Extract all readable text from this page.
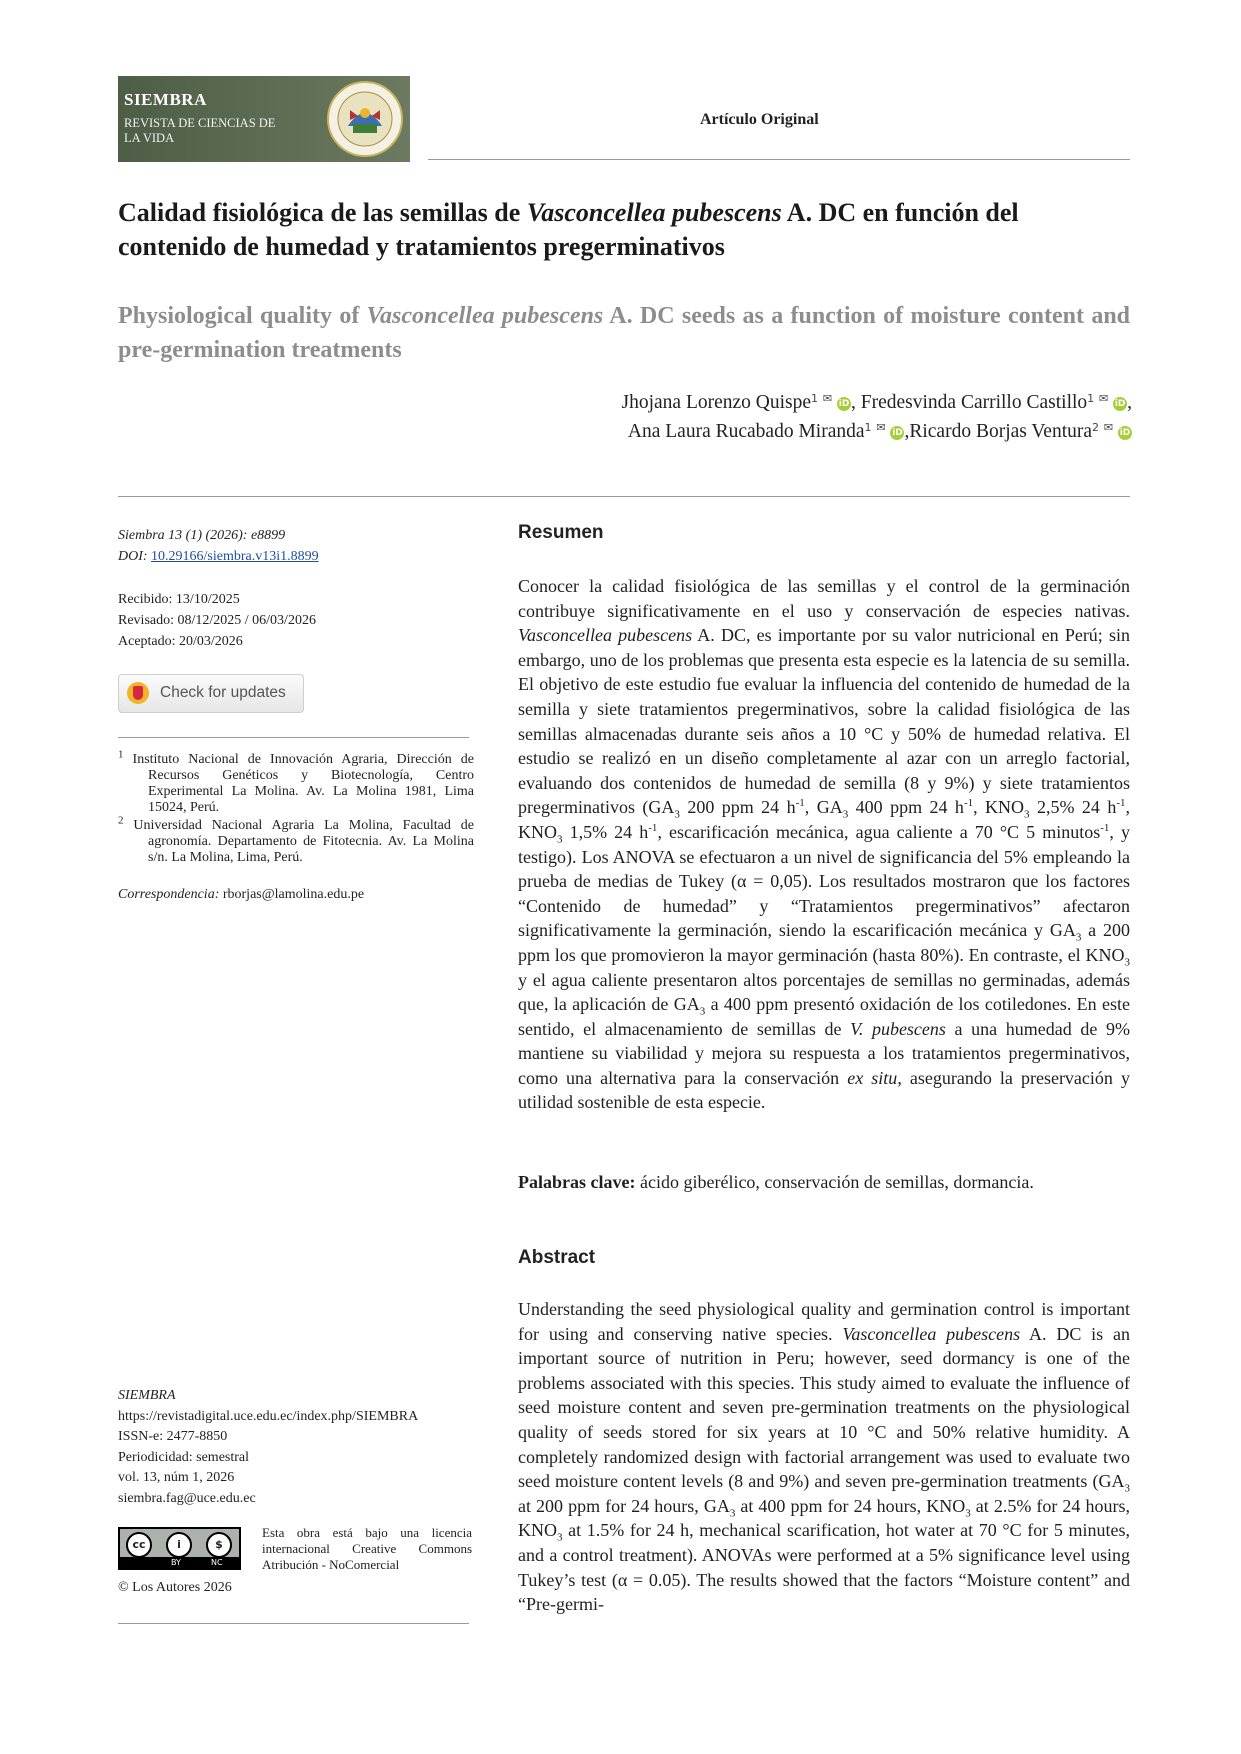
SIEMBRA
REVISTA DE CIENCIAS DE LA VIDA
Artículo Original
Calidad fisiológica de las semillas de Vasconcellea pubescens A. DC en función del contenido de humedad y tratamientos pregerminativos
Physiological quality of Vasconcellea pubescens A. DC seeds as a function of moisture content and pre-germination treatments
Jhojana Lorenzo Quispe$^1$ ✉ iD, Fredesvinda Carrillo Castillo$^1$ ✉ iD,
Ana Laura Rucabado Miranda$^1$ ✉ iD,Ricardo Borjas Ventura$^2$ ✉ iD
Siembra 13 (1) (2026): e8899
DOI: 10.29166/siembra.v13i1.8899
Recibido: 13/10/2025
Revisado: 08/12/2025 / 06/03/2026
Aceptado: 20/03/2026
Check for updates
$^1$ Instituto Nacional de Innovación Agraria, Dirección de Recursos Genéticos y Biotecnología, Centro Experimental La Molina. Av. La Molina 1981, Lima 15024, Perú.
$^2$ Universidad Nacional Agraria La Molina, Facultad de agronomía. Departamento de Fitotecnia. Av. La Molina s/n. La Molina, Lima, Perú.
Correspondencia: rborjas@lamolina.edu.pe
SIEMBRA
https://revistadigital.uce.edu.ec/index.php/SIEMBRA
ISSN-e: 2477-8850
Periodicidad: semestral
vol. 13, núm 1, 2026
siembra.fag@uce.edu.ec
cc	i	$
BY	NC
Esta obra está bajo una licencia internacional Creative Commons Atribución - NoComercial
© Los Autores 2026
Resumen
Conocer la calidad fisiológica de las semillas y el control de la germinación contribuye significativamente en el uso y conservación de especies nativas. Vasconcellea pubescens A. DC, es importante por su valor nutricional en Perú; sin embargo, uno de los problemas que presenta esta especie es la latencia de su semilla. El objetivo de este estudio fue evaluar la influencia del contenido de humedad de la semilla y siete tratamientos pregerminativos, sobre la calidad fisiológica de las semillas almacenadas durante seis años a 10 °C y 50% de humedad relativa. El estudio se realizó en un diseño completamente al azar con un arreglo factorial, evaluando dos contenidos de humedad de semilla (8 y 9%) y siete tratamientos pregerminativos ($GA_3$ 200 ppm 24 $h^{-1}$, $GA_3$ 400 ppm 24 $h^{-1}$, $KNO_3$ 2,5% 24 $h^{-1}$, $KNO_3$ 1,5% 24 $h^{-1}$, escarificación mecánica, agua caliente a 70 °C 5 minutos$^{-1}$, y testigo). Los ANOVA se efectuaron a un nivel de significancia del 5% empleando la prueba de medias de Tukey (α = 0,05). Los resultados mostraron que los factores “Contenido de humedad” y “Tratamientos pregerminativos” afectaron significativamente la germinación, siendo la escarificación mecánica y $GA_3$ a 200 ppm los que promovieron la mayor germinación (hasta 80%). En contraste, el $KNO_3$ y el agua caliente presentaron altos porcentajes de semillas no germinadas, además que, la aplicación de $GA_3$ a 400 ppm presentó oxidación de los cotiledones. En este sentido, el almacenamiento de semillas de V. pubescens a una humedad de 9% mantiene su viabilidad y mejora su respuesta a los tratamientos pregerminativos, como una alternativa para la conservación ex situ, asegurando la preservación y utilidad sostenible de esta especie.
Palabras clave: ácido giberélico, conservación de semillas, dormancia.
Abstract
Understanding the seed physiological quality and germination control is important for using and conserving native species. Vasconcellea pubescens A. DC is an important source of nutrition in Peru; however, seed dormancy is one of the problems associated with this species. This study aimed to evaluate the influence of seed moisture content and seven pre-germination treatments on the physiological quality of seeds stored for six years at 10 °C and 50% relative humidity. A completely randomized design with factorial arrangement was used to evaluate two seed moisture content levels (8 and 9%) and seven pre-germination treatments ($GA_3$ at 200 ppm for 24 hours, $GA_3$ at 400 ppm for 24 hours, $KNO_3$ at 2.5% for 24 hours, $KNO_3$ at 1.5% for 24 h, mechanical scarification, hot water at 70 °C for 5 minutes, and a control treatment). ANOVAs were performed at a 5% significance level using Tukey’s test (α = 0.05). The results showed that the factors “Moisture content” and “Pre-germi-
